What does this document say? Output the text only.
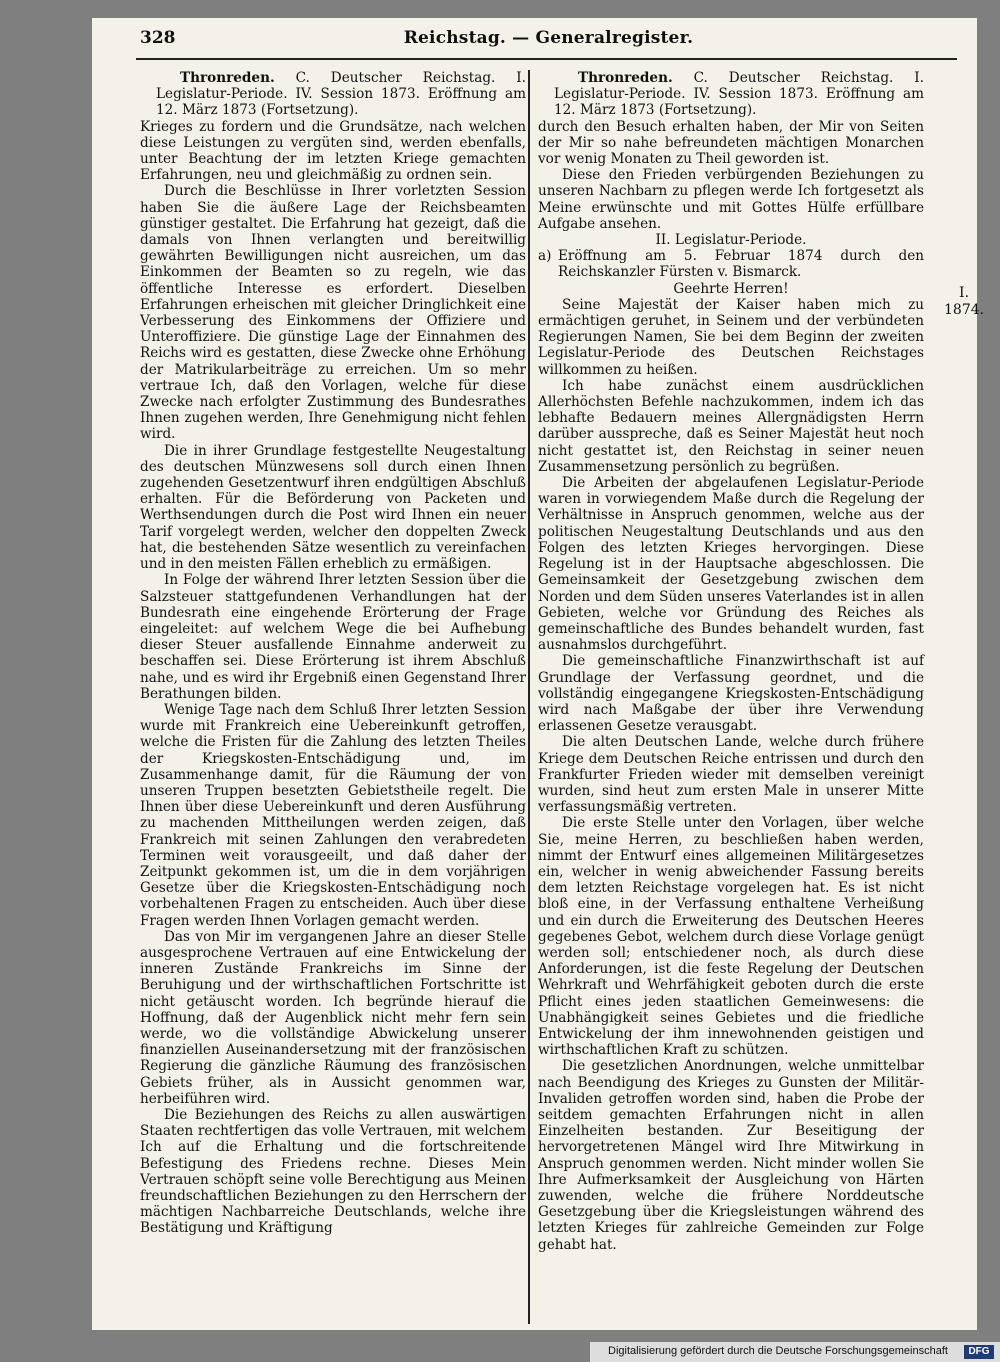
328	Reichstag. — Generalregister.

Thronreden. C. Deutscher Reichstag. I. Legislatur-Periode. IV. Session 1873. Eröffnung am 12. März 1873 (Fortsetzung).

Krieges zu fordern und die Grundsätze, nach welchen diese Leistungen zu vergüten sind, werden ebenfalls, unter Beachtung der im letzten Kriege gemachten Erfahrungen, neu und gleichmäßig zu ordnen sein.

Durch die Beschlüsse in Ihrer vorletzten Session haben Sie die äußere Lage der Reichsbeamten günstiger gestaltet. Die Erfahrung hat gezeigt, daß die damals von Ihnen verlangten und bereitwillig gewährten Bewilligungen nicht ausreichen, um das Einkommen der Beamten so zu regeln, wie das öffentliche Interesse es erfordert. Dieselben Erfahrungen erheischen mit gleicher Dringlichkeit eine Verbesserung des Einkommens der Offiziere und Unteroffiziere. Die günstige Lage der Einnahmen des Reichs wird es gestatten, diese Zwecke ohne Erhöhung der Matrikularbeiträge zu erreichen. Um so mehr vertraue Ich, daß den Vorlagen, welche für diese Zwecke nach erfolgter Zustimmung des Bundesrathes Ihnen zugehen werden, Ihre Genehmigung nicht fehlen wird.

Die in ihrer Grundlage festgestellte Neugestaltung des deutschen Münzwesens soll durch einen Ihnen zugehenden Gesetzentwurf ihren endgültigen Abschluß erhalten. Für die Beförderung von Packeten und Werthsendungen durch die Post wird Ihnen ein neuer Tarif vorgelegt werden, welcher den doppelten Zweck hat, die bestehenden Sätze wesentlich zu vereinfachen und in den meisten Fällen erheblich zu ermäßigen.

In Folge der während Ihrer letzten Session über die Salzsteuer stattgefundenen Verhandlungen hat der Bundesrath eine eingehende Erörterung der Frage eingeleitet: auf welchem Wege die bei Aufhebung dieser Steuer ausfallende Einnahme anderweit zu beschaffen sei. Diese Erörterung ist ihrem Abschluß nahe, und es wird ihr Ergebniß einen Gegenstand Ihrer Berathungen bilden.

Wenige Tage nach dem Schluß Ihrer letzten Session wurde mit Frankreich eine Uebereinkunft getroffen, welche die Fristen für die Zahlung des letzten Theiles der Kriegskosten-Entschädigung und, im Zusammenhange damit, für die Räumung der von unseren Truppen besetzten Gebietstheile regelt. Die Ihnen über diese Uebereinkunft und deren Ausführung zu machenden Mittheilungen werden zeigen, daß Frankreich mit seinen Zahlungen den verabredeten Terminen weit vorausgeeilt, und daß daher der Zeitpunkt gekommen ist, um die in dem vorjährigen Gesetze über die Kriegskosten-Entschädigung noch vorbehaltenen Fragen zu entscheiden. Auch über diese Fragen werden Ihnen Vorlagen gemacht werden.

Das von Mir im vergangenen Jahre an dieser Stelle ausgesprochene Vertrauen auf eine Entwickelung der inneren Zustände Frankreichs im Sinne der Beruhigung und der wirthschaftlichen Fortschritte ist nicht getäuscht worden. Ich begründe hierauf die Hoffnung, daß der Augenblick nicht mehr fern sein werde, wo die vollständige Abwickelung unserer finanziellen Auseinandersetzung mit der französischen Regierung die gänzliche Räumung des französischen Gebiets früher, als in Aussicht genommen war, herbeiführen wird.

Die Beziehungen des Reichs zu allen auswärtigen Staaten rechtfertigen das volle Vertrauen, mit welchem Ich auf die Erhaltung und die fortschreitende Befestigung des Friedens rechne. Dieses Mein Vertrauen schöpft seine volle Berechtigung aus Meinen freundschaftlichen Beziehungen zu den Herrschern der mächtigen Nachbarreiche Deutschlands, welche ihre Bestätigung und Kräftigung

Thronreden. C. Deutscher Reichstag. I. Legislatur-Periode. IV. Session 1873. Eröffnung am 12. März 1873 (Fortsetzung).

durch den Besuch erhalten haben, der Mir von Seiten der Mir so nahe befreundeten mächtigen Monarchen vor wenig Monaten zu Theil geworden ist.

Diese den Frieden verbürgenden Beziehungen zu unseren Nachbarn zu pflegen werde Ich fortgesetzt als Meine erwünschte und mit Gottes Hülfe erfüllbare Aufgabe ansehen.

II. Legislatur-Periode.

a) Eröffnung am 5. Februar 1874 durch den Reichskanzler Fürsten v. Bismarck.

Geehrte Herren!

Seine Majestät der Kaiser haben mich zu ermächtigen geruhet, in Seinem und der verbündeten Regierungen Namen, Sie bei dem Beginn der zweiten Legislatur-Periode des Deutschen Reichstages willkommen zu heißen.

Ich habe zunächst einem ausdrücklichen Allerhöchsten Befehle nachzukommen, indem ich das lebhafte Bedauern meines Allergnädigsten Herrn darüber ausspreche, daß es Seiner Majestät heut noch nicht gestattet ist, den Reichstag in seiner neuen Zusammensetzung persönlich zu begrüßen.

Die Arbeiten der abgelaufenen Legislatur-Periode waren in vorwiegendem Maße durch die Regelung der Verhältnisse in Anspruch genommen, welche aus der politischen Neugestaltung Deutschlands und aus den Folgen des letzten Krieges hervorgingen. Diese Regelung ist in der Hauptsache abgeschlossen. Die Gemeinsamkeit der Gesetzgebung zwischen dem Norden und dem Süden unseres Vaterlandes ist in allen Gebieten, welche vor Gründung des Reiches als gemeinschaftliche des Bundes behandelt wurden, fast ausnahmslos durchgeführt.

Die gemeinschaftliche Finanzwirthschaft ist auf Grundlage der Verfassung geordnet, und die vollständig eingegangene Kriegskosten-Entschädigung wird nach Maßgabe der über ihre Verwendung erlassenen Gesetze verausgabt.

Die alten Deutschen Lande, welche durch frühere Kriege dem Deutschen Reiche entrissen und durch den Frankfurter Frieden wieder mit demselben vereinigt wurden, sind heut zum ersten Male in unserer Mitte verfassungsmäßig vertreten.

Die erste Stelle unter den Vorlagen, über welche Sie, meine Herren, zu beschließen haben werden, nimmt der Entwurf eines allgemeinen Militärgesetzes ein, welcher in wenig abweichender Fassung bereits dem letzten Reichstage vorgelegen hat. Es ist nicht bloß eine, in der Verfassung enthaltene Verheißung und ein durch die Erweiterung des Deutschen Heeres gegebenes Gebot, welchem durch diese Vorlage genügt werden soll; entschiedener noch, als durch diese Anforderungen, ist die feste Regelung der Deutschen Wehrkraft und Wehrfähigkeit geboten durch die erste Pflicht eines jeden staatlichen Gemeinwesens: die Unabhängigkeit seines Gebietes und die friedliche Entwickelung der ihm innewohnenden geistigen und wirthschaftlichen Kraft zu schützen.

Die gesetzlichen Anordnungen, welche unmittelbar nach Beendigung des Krieges zu Gunsten der Militär-Invaliden getroffen worden sind, haben die Probe der seitdem gemachten Erfahrungen nicht in allen Einzelheiten bestanden. Zur Beseitigung der hervorgetretenen Mängel wird Ihre Mitwirkung in Anspruch genommen werden. Nicht minder wollen Sie Ihre Aufmerksamkeit der Ausgleichung von Härten zuwenden, welche die frühere Norddeutsche Gesetzgebung über die Kriegsleistungen während des letzten Krieges für zahlreiche Gemeinden zur Folge gehabt hat.

I.
1874.
Digitalisierung gefördert durch die Deutsche Forschungsgemeinschaft	DFG
